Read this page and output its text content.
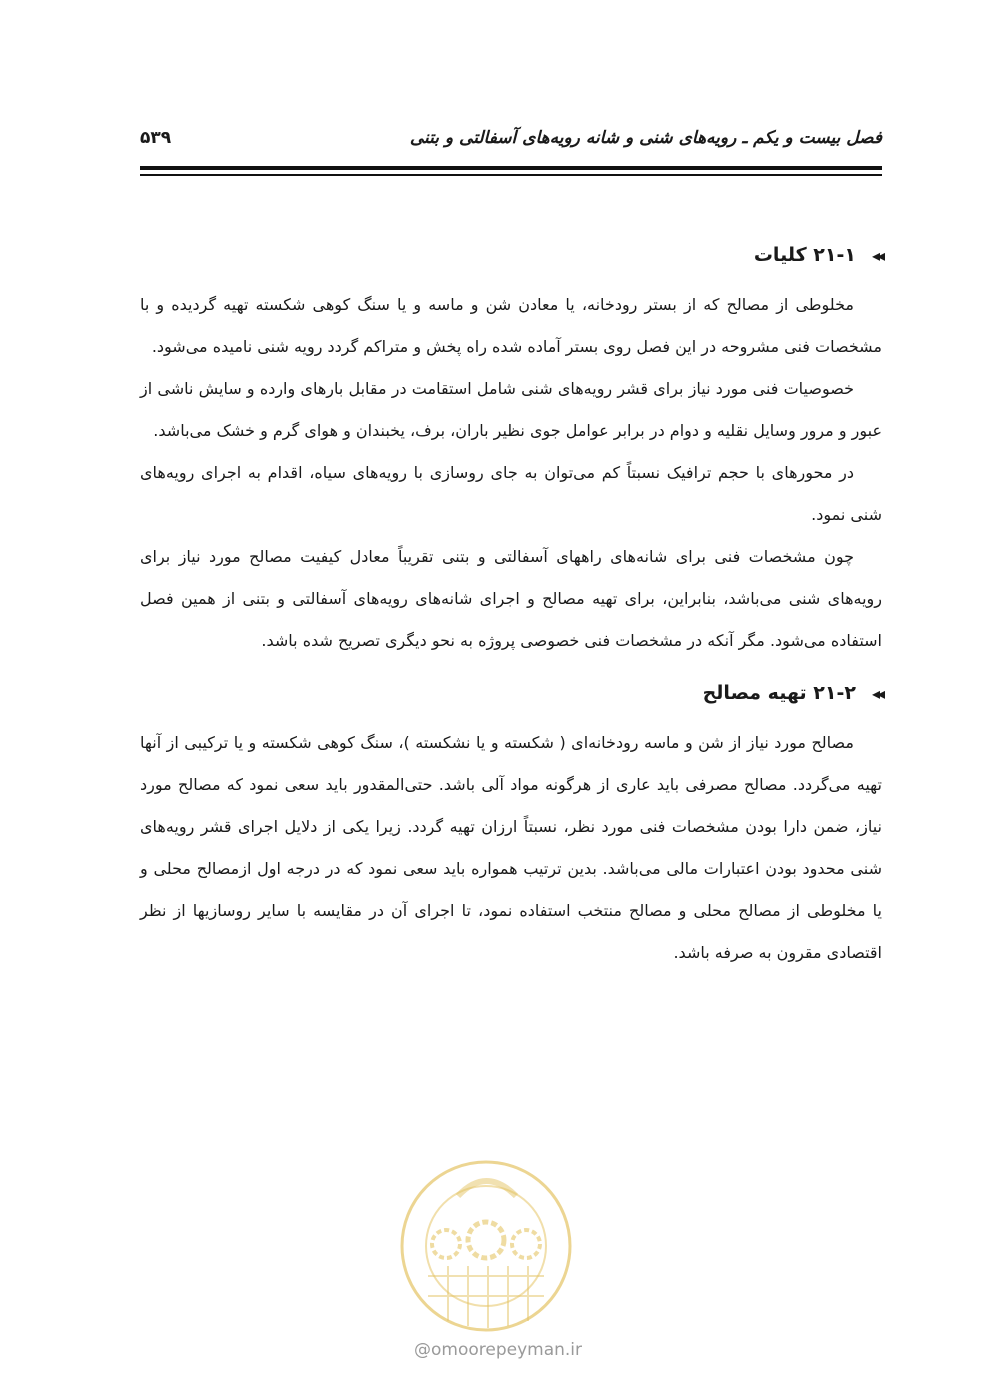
فصل بیست و یکم ـ رویه‌های شنی و شانه رویه‌های آسفالتی و بتنی
۵۳۹
◂◂
۲۱-۱ کلیات

مخلوطی از مصالح که از بستر رودخانه، یا معادن شن و ماسه و یا سنگ کوهی شکسته تهیه گردیده و با مشخصات فنی مشروحه در این فصل روی بستر آماده شده راه پخش و متراکم گردد رویه شنی نامیده می‌شود.

خصوصیات فنی مورد نیاز برای قشر رویه‌های شنی شامل استقامت در مقابل بارهای وارده و سایش ناشی از عبور و مرور وسایل نقلیه و دوام در برابر عوامل جوی نظیر باران، برف، یخبندان و هوای گرم و خشک می‌باشد.

در محورهای با حجم ترافیک نسبتاً کم می‌توان به جای روسازی با رویه‌های سیاه، اقدام به اجرای رویه‌های شنی نمود.

چون مشخصات فنی برای شانه‌های راههای آسفالتی و بتنی تقریباً معادل کیفیت مصالح مورد نیاز برای رویه‌های شنی می‌باشد، بنابراین، برای تهیه مصالح و اجرای شانه‌های رویه‌های آسفالتی و بتنی از همین فصل استفاده می‌شود. مگر آنکه در مشخصات فنی خصوصی پروژه به نحو دیگری تصریح شده باشد.

◂◂
۲۱-۲ تهیه مصالح

مصالح مورد نیاز از شن و ماسه رودخانه‌ای ( شکسته و یا نشکسته )، سنگ کوهی شکسته و یا ترکیبی از آنها تهیه می‌گردد. مصالح مصرفی باید عاری از هرگونه مواد آلی باشد. حتی‌المقدور باید سعی نمود که مصالح مورد نیاز، ضمن دارا بودن مشخصات فنی مورد نظر، نسبتاً ارزان تهیه گردد. زیرا یکی از دلایل اجرای قشر رویه‌های شنی محدود بودن اعتبارات مالی می‌باشد. بدین ترتیب همواره باید سعی نمود که در درجه اول ازمصالح محلی و یا مخلوطی از مصالح محلی و مصالح منتخب استفاده نمود، تا اجرای آن در مقایسه با سایر روسازیها از نظر اقتصادی مقرون به صرفه باشد.

@omoorepeyman.ir
